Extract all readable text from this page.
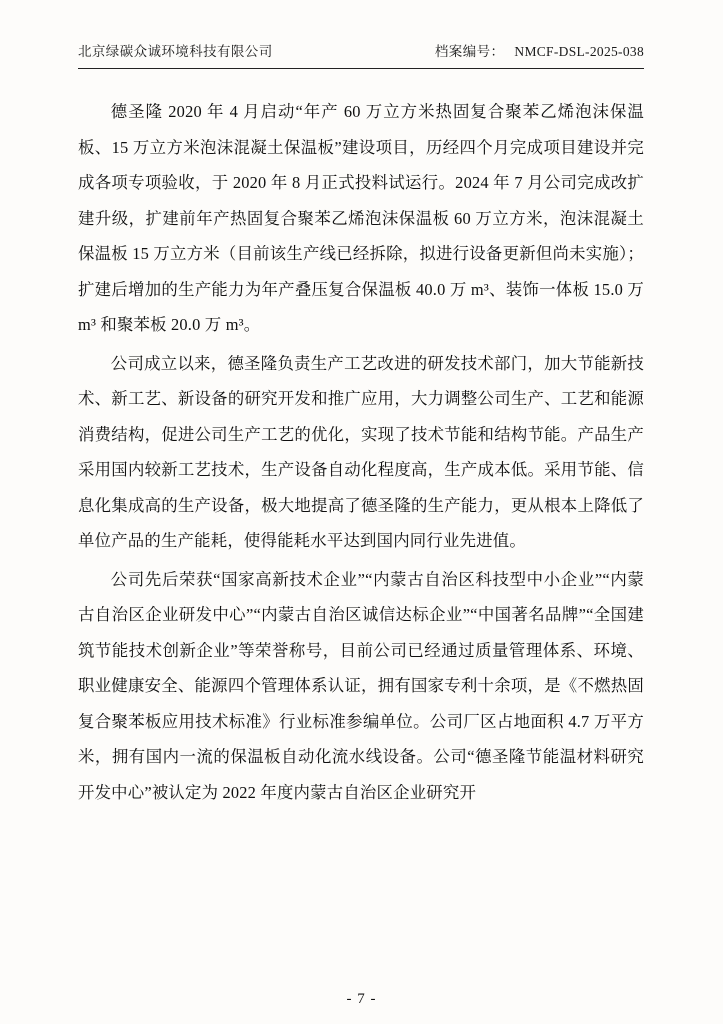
北京绿碳众诚环境科技有限公司	档案编号： NMCF-DSL-2025-038

德圣隆 2020 年 4 月启动“年产 60 万立方米热固复合聚苯乙烯泡沫保温板、15 万立方米泡沫混凝土保温板”建设项目，历经四个月完成项目建设并完成各项专项验收，于 2020 年 8 月正式投料试运行。2024 年 7 月公司完成改扩建升级，扩建前年产热固复合聚苯乙烯泡沫保温板 60 万立方米，泡沫混凝土保温板 15 万立方米（目前该生产线已经拆除，拟进行设备更新但尚未实施）；扩建后增加的生产能力为年产叠压复合保温板 40.0 万 m³、装饰一体板 15.0 万 m³ 和聚苯板 20.0 万 m³。

公司成立以来，德圣隆负责生产工艺改进的研发技术部门，加大节能新技术、新工艺、新设备的研究开发和推广应用，大力调整公司生产、工艺和能源消费结构，促进公司生产工艺的优化，实现了技术节能和结构节能。产品生产采用国内较新工艺技术，生产设备自动化程度高，生产成本低。采用节能、信息化集成高的生产设备，极大地提高了德圣隆的生产能力，更从根本上降低了单位产品的生产能耗，使得能耗水平达到国内同行业先进值。

公司先后荣获“国家高新技术企业”“内蒙古自治区科技型中小企业”“内蒙古自治区企业研发中心”“内蒙古自治区诚信达标企业”“中国著名品牌”“全国建筑节能技术创新企业”等荣誉称号，目前公司已经通过质量管理体系、环境、职业健康安全、能源四个管理体系认证，拥有国家专利十余项，是《不燃热固复合聚苯板应用技术标准》行业标准参编单位。公司厂区占地面积 4.7 万平方米，拥有国内一流的保温板自动化流水线设备。公司“德圣隆节能温材料研究开发中心”被认定为 2022 年度内蒙古自治区企业研究开

- 7 -
